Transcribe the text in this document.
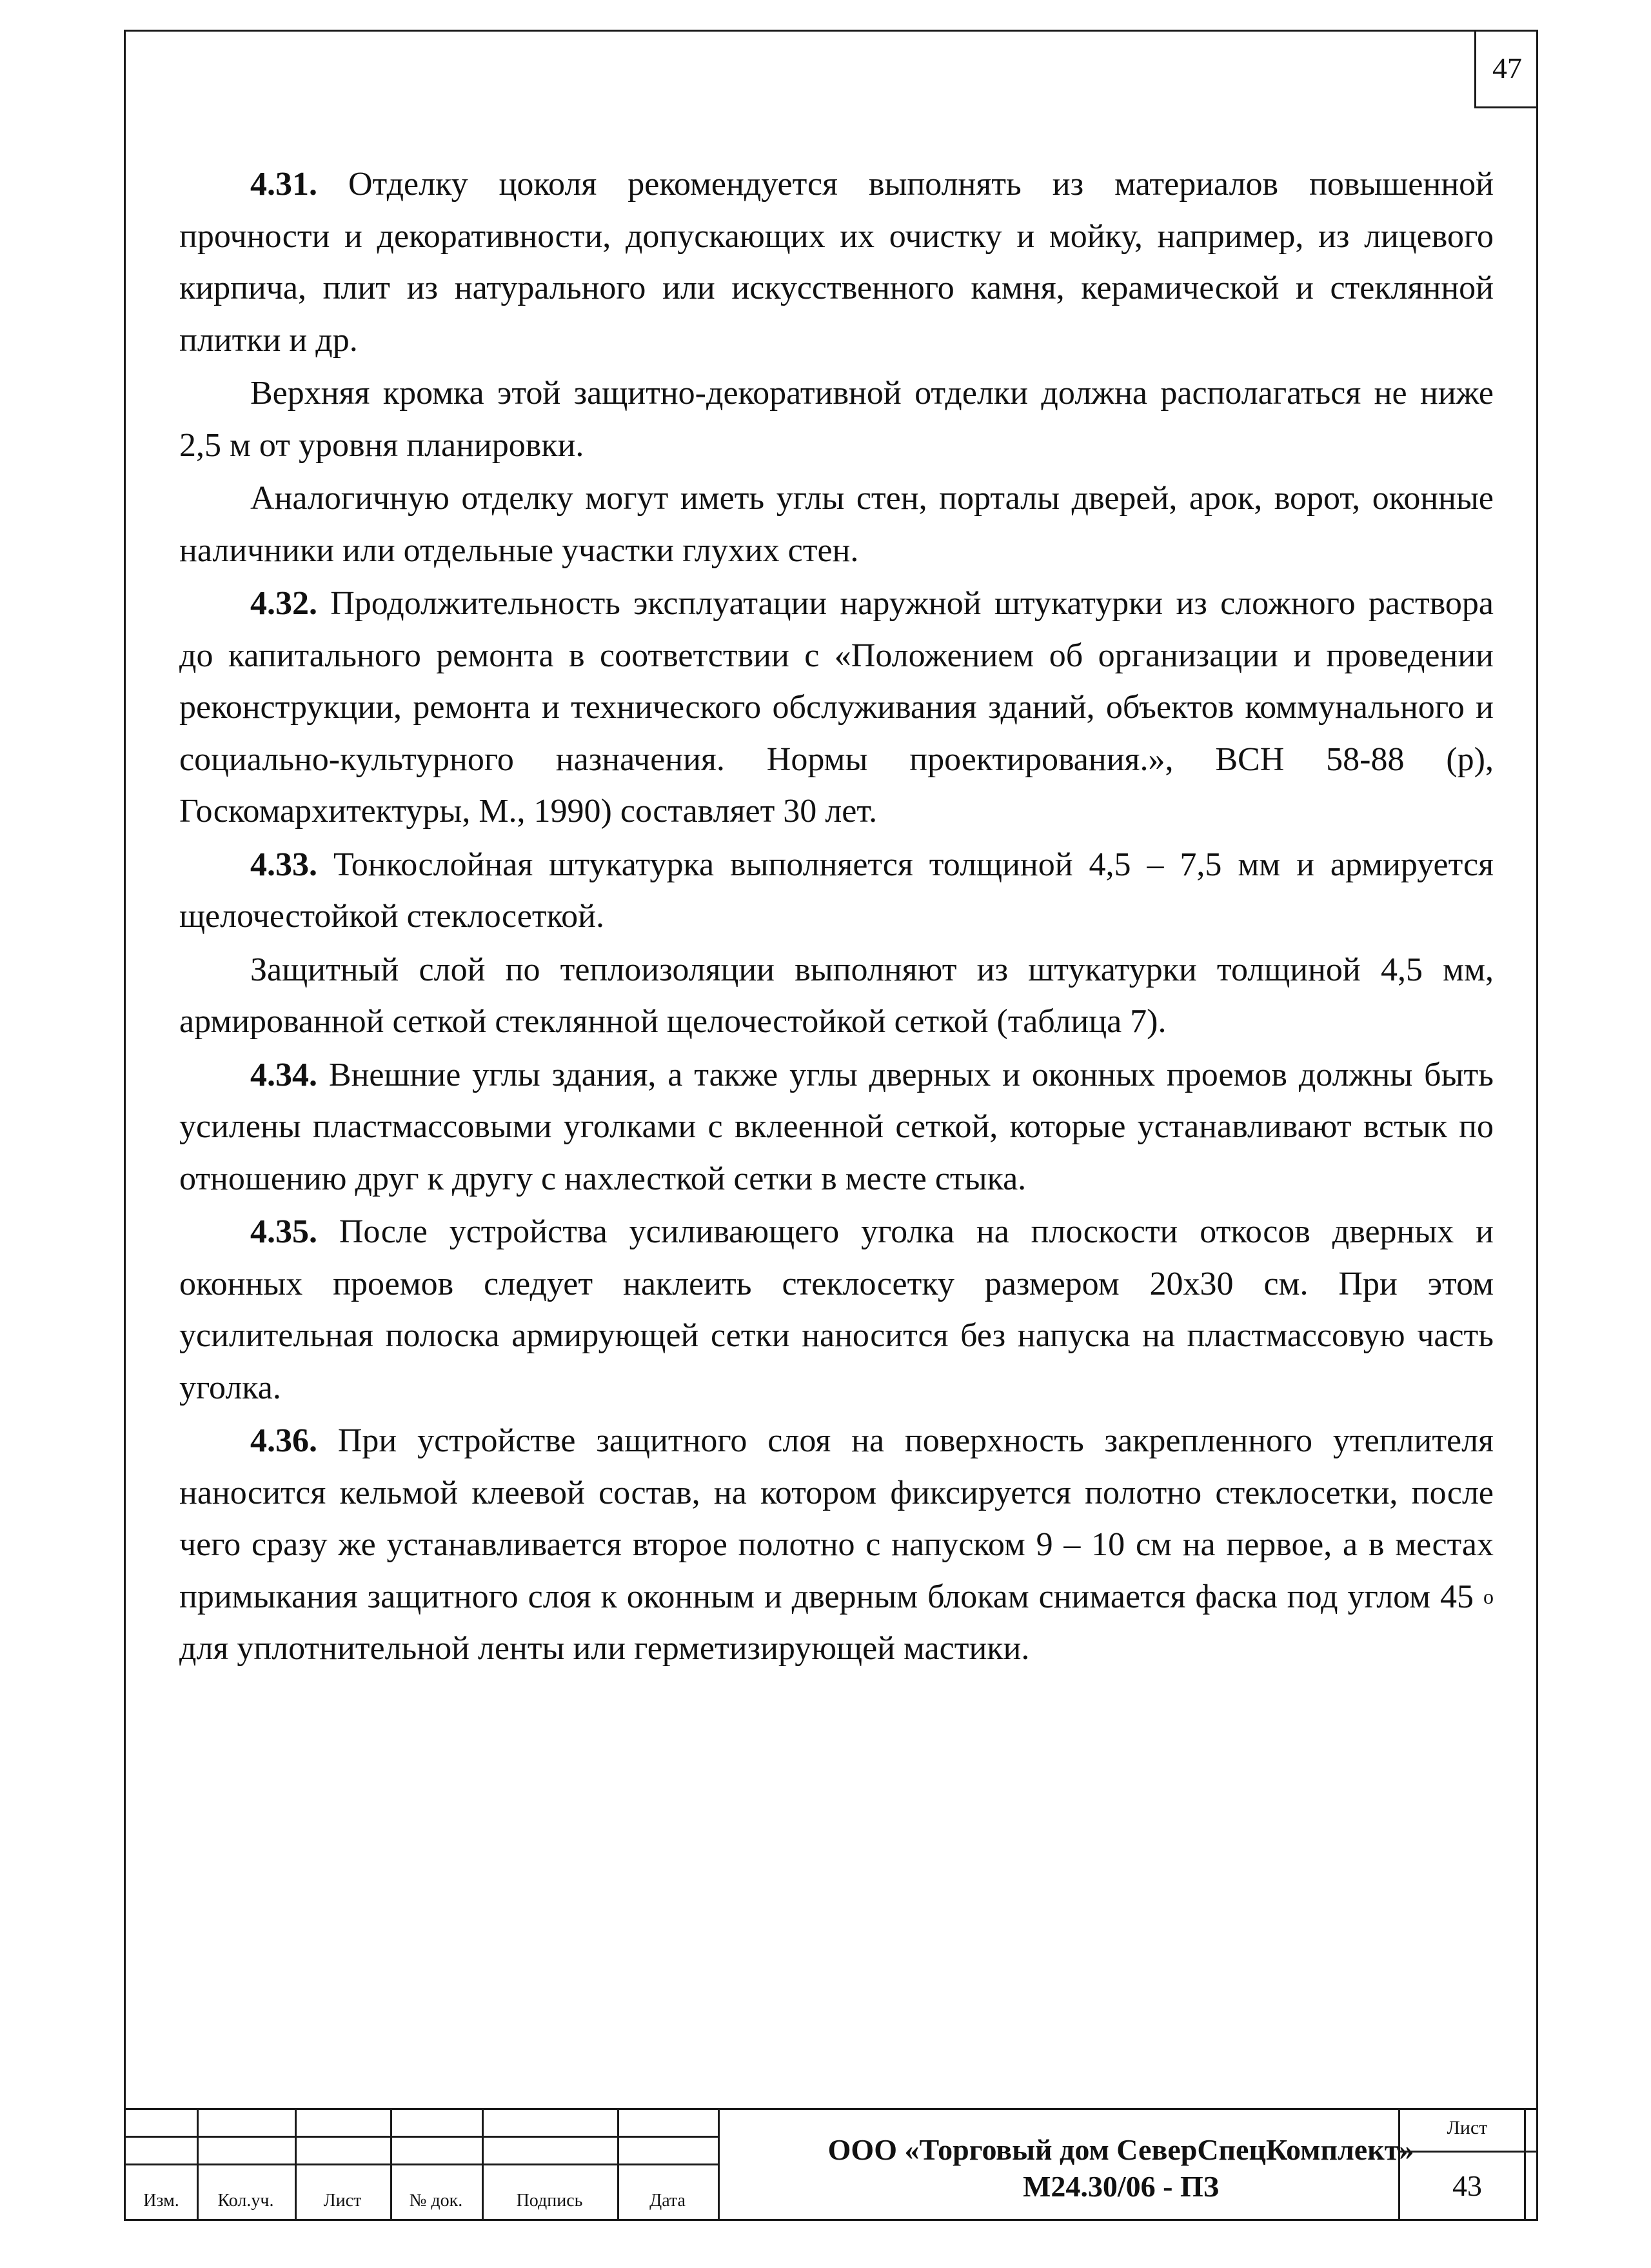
47

4.31. Отделку цоколя рекомендуется выполнять из материалов повышенной прочности и декоративности, допускающих их очистку и мойку, например, из лицевого кирпича, плит из натурального или искусственного камня, керамической и стеклянной плитки и др.

Верхняя кромка этой защитно-декоративной отделки должна располагаться не ниже 2,5 м от уровня планировки.

Аналогичную отделку могут иметь углы стен, порталы дверей, арок, ворот, оконные наличники или отдельные участки глухих стен.

4.32. Продолжительность эксплуатации наружной штукатурки из сложного раствора до капитального ремонта в соответствии с «Положением об организации и проведении реконструкции, ремонта и технического обслуживания зданий, объектов коммунального и социально-культурного назначения. Нормы проектирования.», ВСН 58-88 (р), Госкомархитектуры, М., 1990) составляет 30 лет.

4.33. Тонкослойная штукатурка выполняется толщиной 4,5 – 7,5 мм и армируется щелочестойкой стеклосеткой.

Защитный слой по теплоизоляции выполняют из штукатурки толщиной 4,5 мм, армированной сеткой стеклянной щелочестойкой сеткой (таблица 7).

4.34. Внешние углы здания, а также углы дверных и оконных проемов должны быть усилены пластмассовыми уголками с вклеенной сеткой, которые устанавливают встык по отношению друг к другу с нахлесткой сетки в месте стыка.

4.35. После устройства усиливающего уголка на плоскости откосов дверных и оконных проемов следует наклеить стеклосетку размером 20х30 см. При этом усилительная полоска армирующей сетки наносится без напуска на пластмассовую часть уголка.

4.36. При устройстве защитного слоя на поверхность закрепленного утеплителя наносится кельмой клеевой состав, на котором фиксируется полотно стеклосетки, после чего сразу же устанавливается второе полотно с напуском 9 – 10 см на первое, а в местах примыкания защитного слоя к оконным и дверным блокам снимается фаска под углом 45 $^о$ для уплотнительной ленты или герметизирующей мастики.

Изм.	Кол.уч.	Лист	№ док.	Подпись	Дата
ООО «Торговый дом СеверСпецКомплект»
М24.30/06 - ПЗ
Лист
43
